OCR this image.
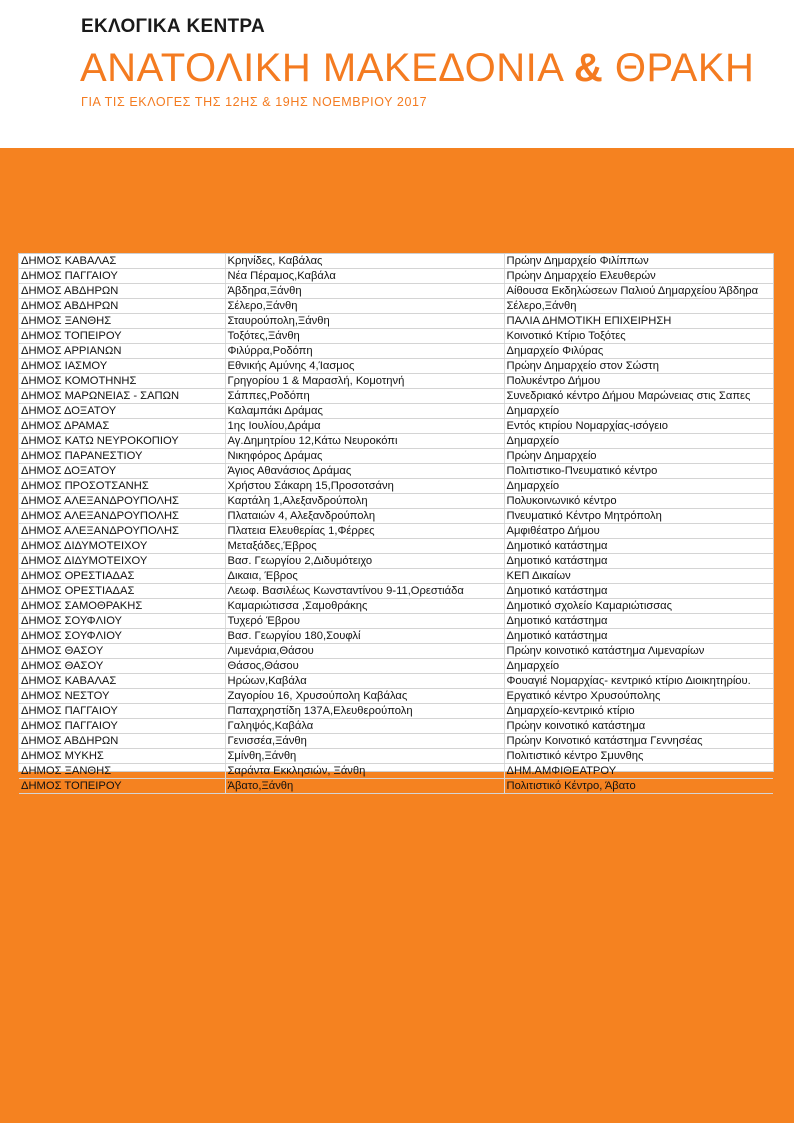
ΕΚΛΟΓΙΚΑ ΚΕΝΤΡΑ
ΑΝΑΤΟΛΙΚΗ ΜΑΚΕΔΟΝΙΑ & ΘΡΑΚΗ
ΓΙΑ ΤΙΣ ΕΚΛΟΓΕΣ ΤΗΣ 12ΗΣ & 19ΗΣ ΝΟΕΜΒΡΙΟΥ 2017
ΔΗΜΟΣ ΚΑΒΑΛΑΣ	Κρηνίδες, Καβάλας	Πρώην Δημαρχείο Φιλίππων
ΔΗΜΟΣ ΠΑΓΓΑΙΟΥ	Νέα Πέραμος,Καβάλα	Πρώην Δημαρχείο Ελευθερών
ΔΗΜΟΣ ΑΒΔΗΡΩΝ	Άβδηρα,Ξάνθη	Αίθουσα Εκδηλώσεων Παλιού Δημαρχείου Άβδηρα
ΔΗΜΟΣ ΑΒΔΗΡΩΝ	Σέλερο,Ξάνθη	Σέλερο,Ξάνθη
ΔΗΜΟΣ ΞΑΝΘΗΣ	Σταυρούπολη,Ξάνθη	ΠΑΛΙΑ ΔΗΜΟΤΙΚΗ ΕΠΙΧΕΙΡΗΣΗ
ΔΗΜΟΣ ΤΟΠΕΙΡΟΥ	Τοξότες,Ξάνθη	Κοινοτικό Κτίριο Τοξότες
ΔΗΜΟΣ ΑΡΡΙΑΝΩΝ	Φιλύρρα,Ροδόπη	Δημαρχείο Φιλύρας
ΔΗΜΟΣ ΙΑΣΜΟΥ	Εθνικής Αμύνης 4,Ίασμος	Πρώην Δημαρχείο στον Σώστη
ΔΗΜΟΣ ΚΟΜΟΤΗΝΗΣ	Γρηγορίου 1 & Μαρασλή, Κομοτηνή	Πολυκέντρο Δήμου
ΔΗΜΟΣ ΜΑΡΩΝΕΙΑΣ - ΣΑΠΩΝ	Σάππες,Ροδόπη	Συνεδριακό κέντρο Δήμου Μαρώνειας στις Σαπες
ΔΗΜΟΣ ΔΟΞΑΤΟΥ	Καλαμπάκι Δράμας	Δημαρχείο
ΔΗΜΟΣ ΔΡΑΜΑΣ	1ης Ιουλίου,Δράμα	Εντός κτιρίου Νομαρχίας-ισόγειο
ΔΗΜΟΣ ΚΑΤΩ ΝΕΥΡΟΚΟΠΙΟΥ	Αγ.Δημητρίου 12,Κάτω Νευροκόπι	Δημαρχείο
ΔΗΜΟΣ ΠΑΡΑΝΕΣΤΙΟΥ	Νικηφόρος Δράμας	Πρώην Δημαρχείο
ΔΗΜΟΣ ΔΟΞΑΤΟΥ	Άγιος Αθανάσιος Δράμας	Πολιτιστικο-Πνευματικό κέντρο
ΔΗΜΟΣ ΠΡΟΣΟΤΣΑΝΗΣ	Χρήστου Σάκαρη 15,Προσοτσάνη	Δημαρχείο
ΔΗΜΟΣ ΑΛΕΞΑΝΔΡΟΥΠΟΛΗΣ	Καρτάλη 1,Αλεξανδρούπολη	Πολυκοινωνικό κέντρο
ΔΗΜΟΣ ΑΛΕΞΑΝΔΡΟΥΠΟΛΗΣ	Πλαταιών 4, Αλεξανδρούπολη	Πνευματικό Κέντρο Μητρόπολη
ΔΗΜΟΣ ΑΛΕΞΑΝΔΡΟΥΠΟΛΗΣ	Πλατεια Ελευθερίας 1,Φέρρες	Αμφιθέατρο Δήμου
ΔΗΜΟΣ ΔΙΔΥΜΟΤΕΙΧΟΥ	Μεταξάδες,Έβρος	Δημοτικό κατάστημα
ΔΗΜΟΣ ΔΙΔΥΜΟΤΕΙΧΟΥ	Βασ. Γεωργίου 2,Διδυμότειχο	Δημοτικό κατάστημα
ΔΗΜΟΣ ΟΡΕΣΤΙΑΔΑΣ	Δικαια, Έβρος	ΚΕΠ Δικαίων
ΔΗΜΟΣ ΟΡΕΣΤΙΑΔΑΣ	Λεωφ. Βασιλέως Κωνσταντίνου 9-11,Ορεστιάδα	Δημοτικό κατάστημα
ΔΗΜΟΣ ΣΑΜΟΘΡΑΚΗΣ	Καμαριώτισσα ,Σαμοθράκης	Δημοτικό σχολείο Καμαριώτισσας
ΔΗΜΟΣ ΣΟΥΦΛΙΟΥ	Τυχερό Έβρου	Δημοτικό κατάστημα
ΔΗΜΟΣ ΣΟΥΦΛΙΟΥ	Βασ. Γεωργίου 180,Σουφλί	Δημοτικό κατάστημα
ΔΗΜΟΣ ΘΑΣΟΥ	Λιμενάρια,Θάσου	Πρώην κοινοτικό κατάστημα Λιμεναρίων
ΔΗΜΟΣ ΘΑΣΟΥ	Θάσος,Θάσου	Δημαρχείο
ΔΗΜΟΣ ΚΑΒΑΛΑΣ	Ηρώων,Καβάλα	Φουαγιέ Νομαρχίας- κεντρικό κτίριο Διοικητηρίου.
ΔΗΜΟΣ ΝΕΣΤΟΥ	Ζαγορίου 16, Χρυσούπολη Καβάλας	Εργατικό κέντρο Χρυσούπολης
ΔΗΜΟΣ ΠΑΓΓΑΙΟΥ	Παπαχρηστίδη 137Α,Ελευθερούπολη	Δημαρχείο-κεντρικό κτίριο
ΔΗΜΟΣ ΠΑΓΓΑΙΟΥ	Γαληψός,Καβάλα	Πρώην κοινοτικό κατάστημα
ΔΗΜΟΣ ΑΒΔΗΡΩΝ	Γενισσέα,Ξάνθη	Πρώην Κοινοτικό κατάστημα Γεννησέας
ΔΗΜΟΣ ΜΥΚΗΣ	Σμίνθη,Ξάνθη	Πολιτιστικό κέντρο Σμυνθης
ΔΗΜΟΣ ΞΑΝΘΗΣ	Σαράντα Εκκλησιών, Ξάνθη	ΔΗΜ.ΑΜΦΙΘΕΑΤΡΟΥ
ΔΗΜΟΣ ΤΟΠΕΙΡΟΥ	Άβατο,Ξάνθη	Πολιτιστικό Κέντρο, Άβατο
